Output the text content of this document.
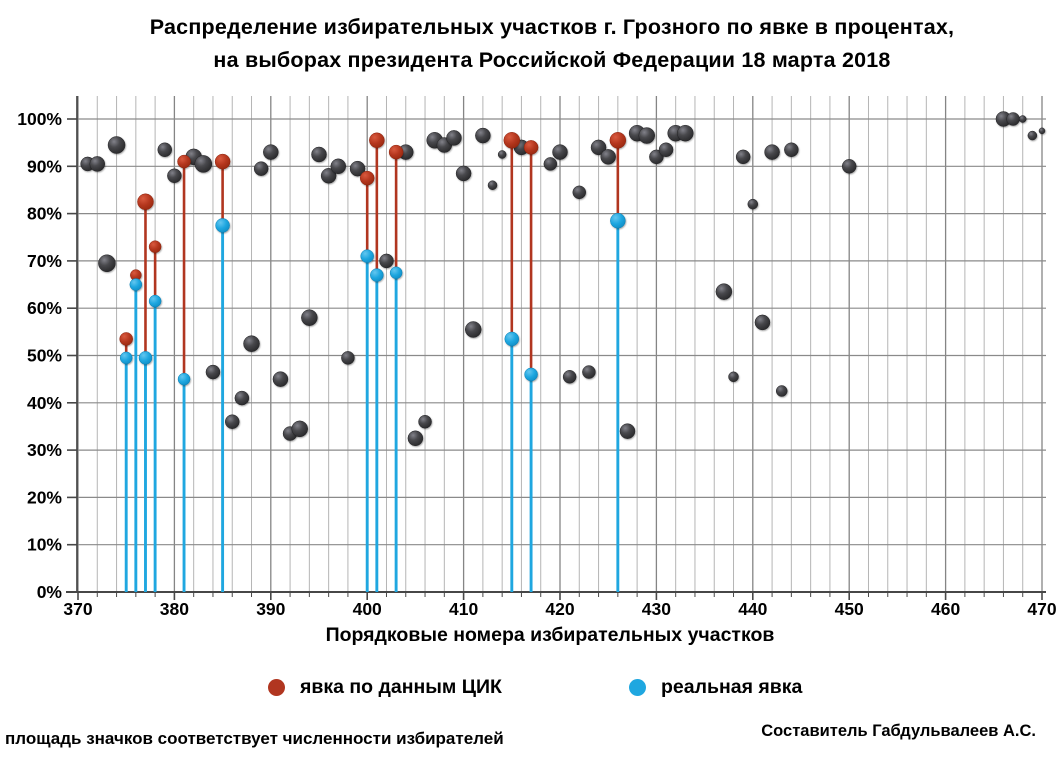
Распределение избирательных участков г. Грозного по явке в процентах,
на выборах президента Российской Федерации 18 марта 2018
100%
90%
80%
70%
60%
50%
40%
30%
20%
10%
0%
370	380	390	400	410	420	430	440	450	460	470
Порядковые номера избирательных участков
явка по данным ЦИК	реальная явка
площадь значков соответствует численности избирателей	Составитель Габдульвалеев А.С.
